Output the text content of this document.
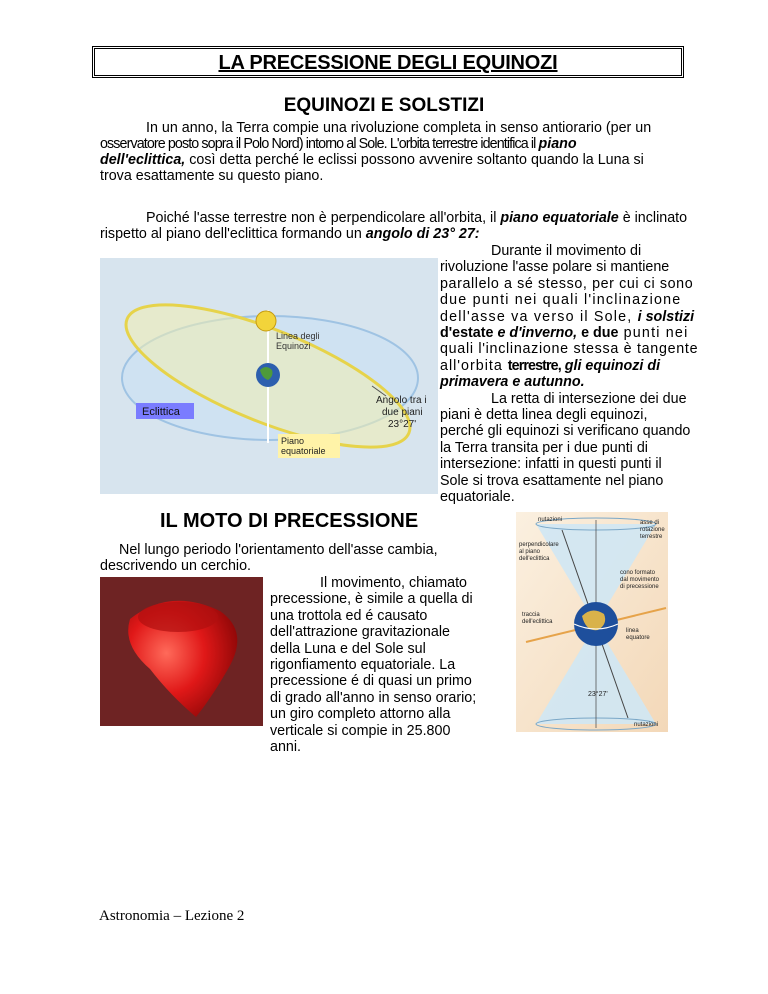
LA PRECESSIONE DEGLI EQUINOZI
EQUINOZI E SOLSTIZI
In un anno, la Terra compie una rivoluzione completa in senso antiorario (per un
osservatore posto sopra il Polo Nord) intorno al Sole. L'orbita terrestre identifica il piano
dell'eclittica, così detta perché le eclissi possono avvenire soltanto quando la Luna si
trova esattamente su questo piano.
Poiché l'asse terrestre non è perpendicolare all'orbita, il piano equatoriale è inclinato
rispetto al piano dell'eclittica formando un angolo di 23° 27:
Durante il movimento di
rivoluzione l'asse polare si mantiene
parallelo a sé stesso, per cui ci sono
due punti nei quali l'inclinazione
dell'asse va verso il Sole, i solstizi
d'estate e d'inverno, e due punti nei
quali l'inclinazione stessa è tangente
all'orbita terrestre, gli equinozi di
primavera e autunno.
La retta di intersezione dei due
piani è detta linea degli equinozi,
perché gli equinozi si verificano quando
la Terra transita per i due punti di
intersezione: infatti in questi punti il
Sole si trova esattamente nel piano
equatoriale.
Linea degli
Equinozi
Angolo tra i
due piani
23°27'
Eclittica
Piano
equatoriale
IL MOTO DI PRECESSIONE
Nel lungo periodo l'orientamento dell'asse cambia,
descrivendo un cerchio.
Il movimento, chiamato
precessione, è simile a quella di
una trottola ed é causato
dell'attrazione gravitazionale
della Luna e del Sole sul
rigonfiamento equatoriale. La
precessione é di quasi un primo
di grado all'anno in senso orario;
un giro completo attorno alla
verticale si compie in 25.800
anni.
nutazioni	asse di
rotazione
terrestre
perpendicolare
al piano
dell'eclittica
cono formato
dal movimento
di precessione
traccia
dell'eclittica
linea
equatore
23°27'
nutazioni
Astronomia – Lezione 2
